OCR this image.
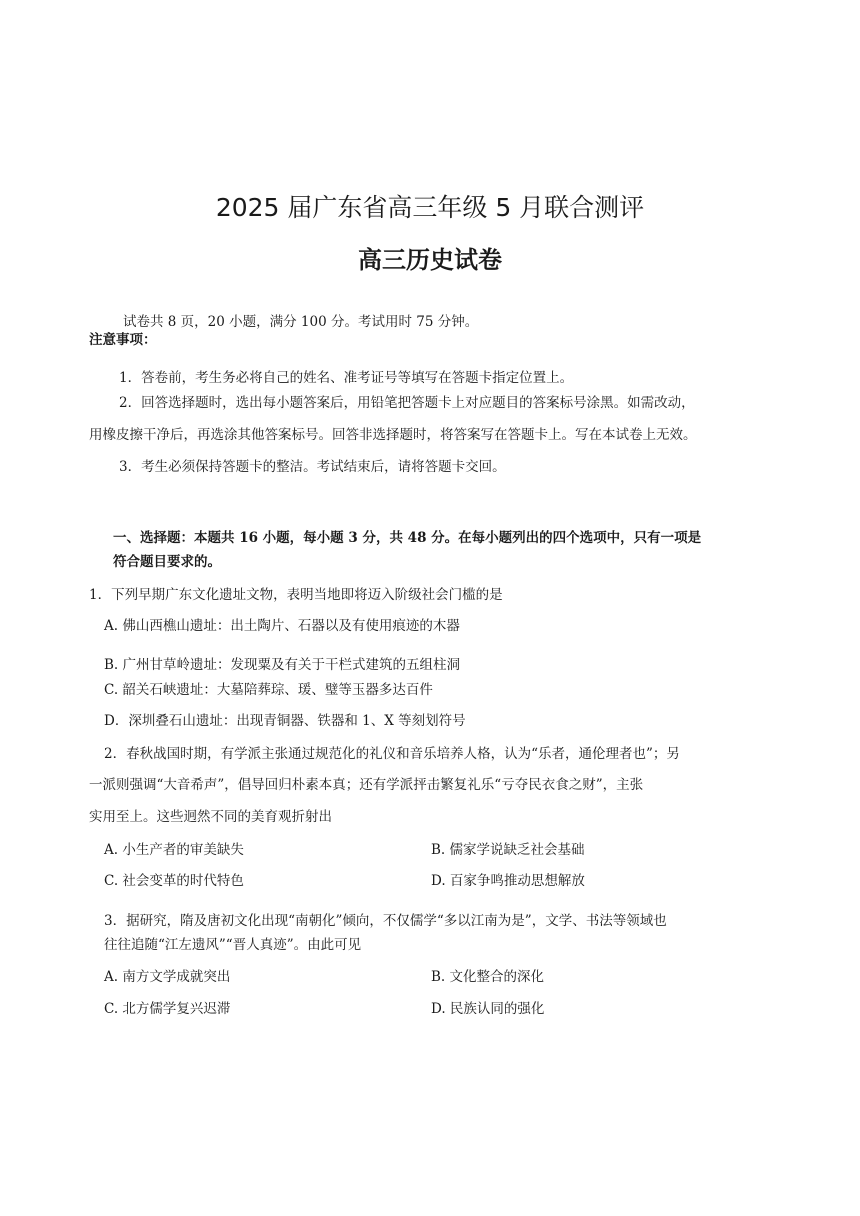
2025 届广东省高三年级 5 月联合测评
高三历史试卷
试卷共 8 页，20 小题，满分 100 分。考试用时 75 分钟。
注意事项：
1．答卷前，考生务必将自己的姓名、准考证号等填写在答题卡指定位置上。
2．回答选择题时，选出每小题答案后，用铅笔把答题卡上对应题目的答案标号涂黑。如需改动，
用橡皮擦干净后，再选涂其他答案标号。回答非选择题时，将答案写在答题卡上。写在本试卷上无效。
3．考生必须保持答题卡的整洁。考试结束后，请将答题卡交回。
一、选择题：本题共 16 小题，每小题 3 分，共 48 分。在每小题列出的四个选项中，只有一项是
符合题目要求的。
1．下列早期广东文化遗址文物，表明当地即将迈入阶级社会门槛的是
A. 佛山西樵山遗址：出土陶片、石器以及有使用痕迹的木器
B. 广州甘草岭遗址：发现粟及有关于干栏式建筑的五组柱洞
C. 韶关石峡遗址：大墓陪葬琮、瑗、璧等玉器多达百件
D．深圳叠石山遗址：出现青铜器、铁器和 1、X 等刻划符号
2．春秋战国时期，有学派主张通过规范化的礼仪和音乐培养人格，认为“乐者，通伦理者也”；另
一派则强调“大音希声”，倡导回归朴素本真；还有学派抨击繁复礼乐“亏夺民衣食之财”，主张
实用至上。这些迥然不同的美育观折射出
A. 小生产者的审美缺失	B. 儒家学说缺乏社会基础
C. 社会变革的时代特色	D. 百家争鸣推动思想解放
3．据研究，隋及唐初文化出现“南朝化”倾向，不仅儒学“多以江南为是”，文学、书法等领域也
往往追随“江左遗风”“晋人真迹”。由此可见
A. 南方文学成就突出	B. 文化整合的深化
C. 北方儒学复兴迟滞	D. 民族认同的强化
